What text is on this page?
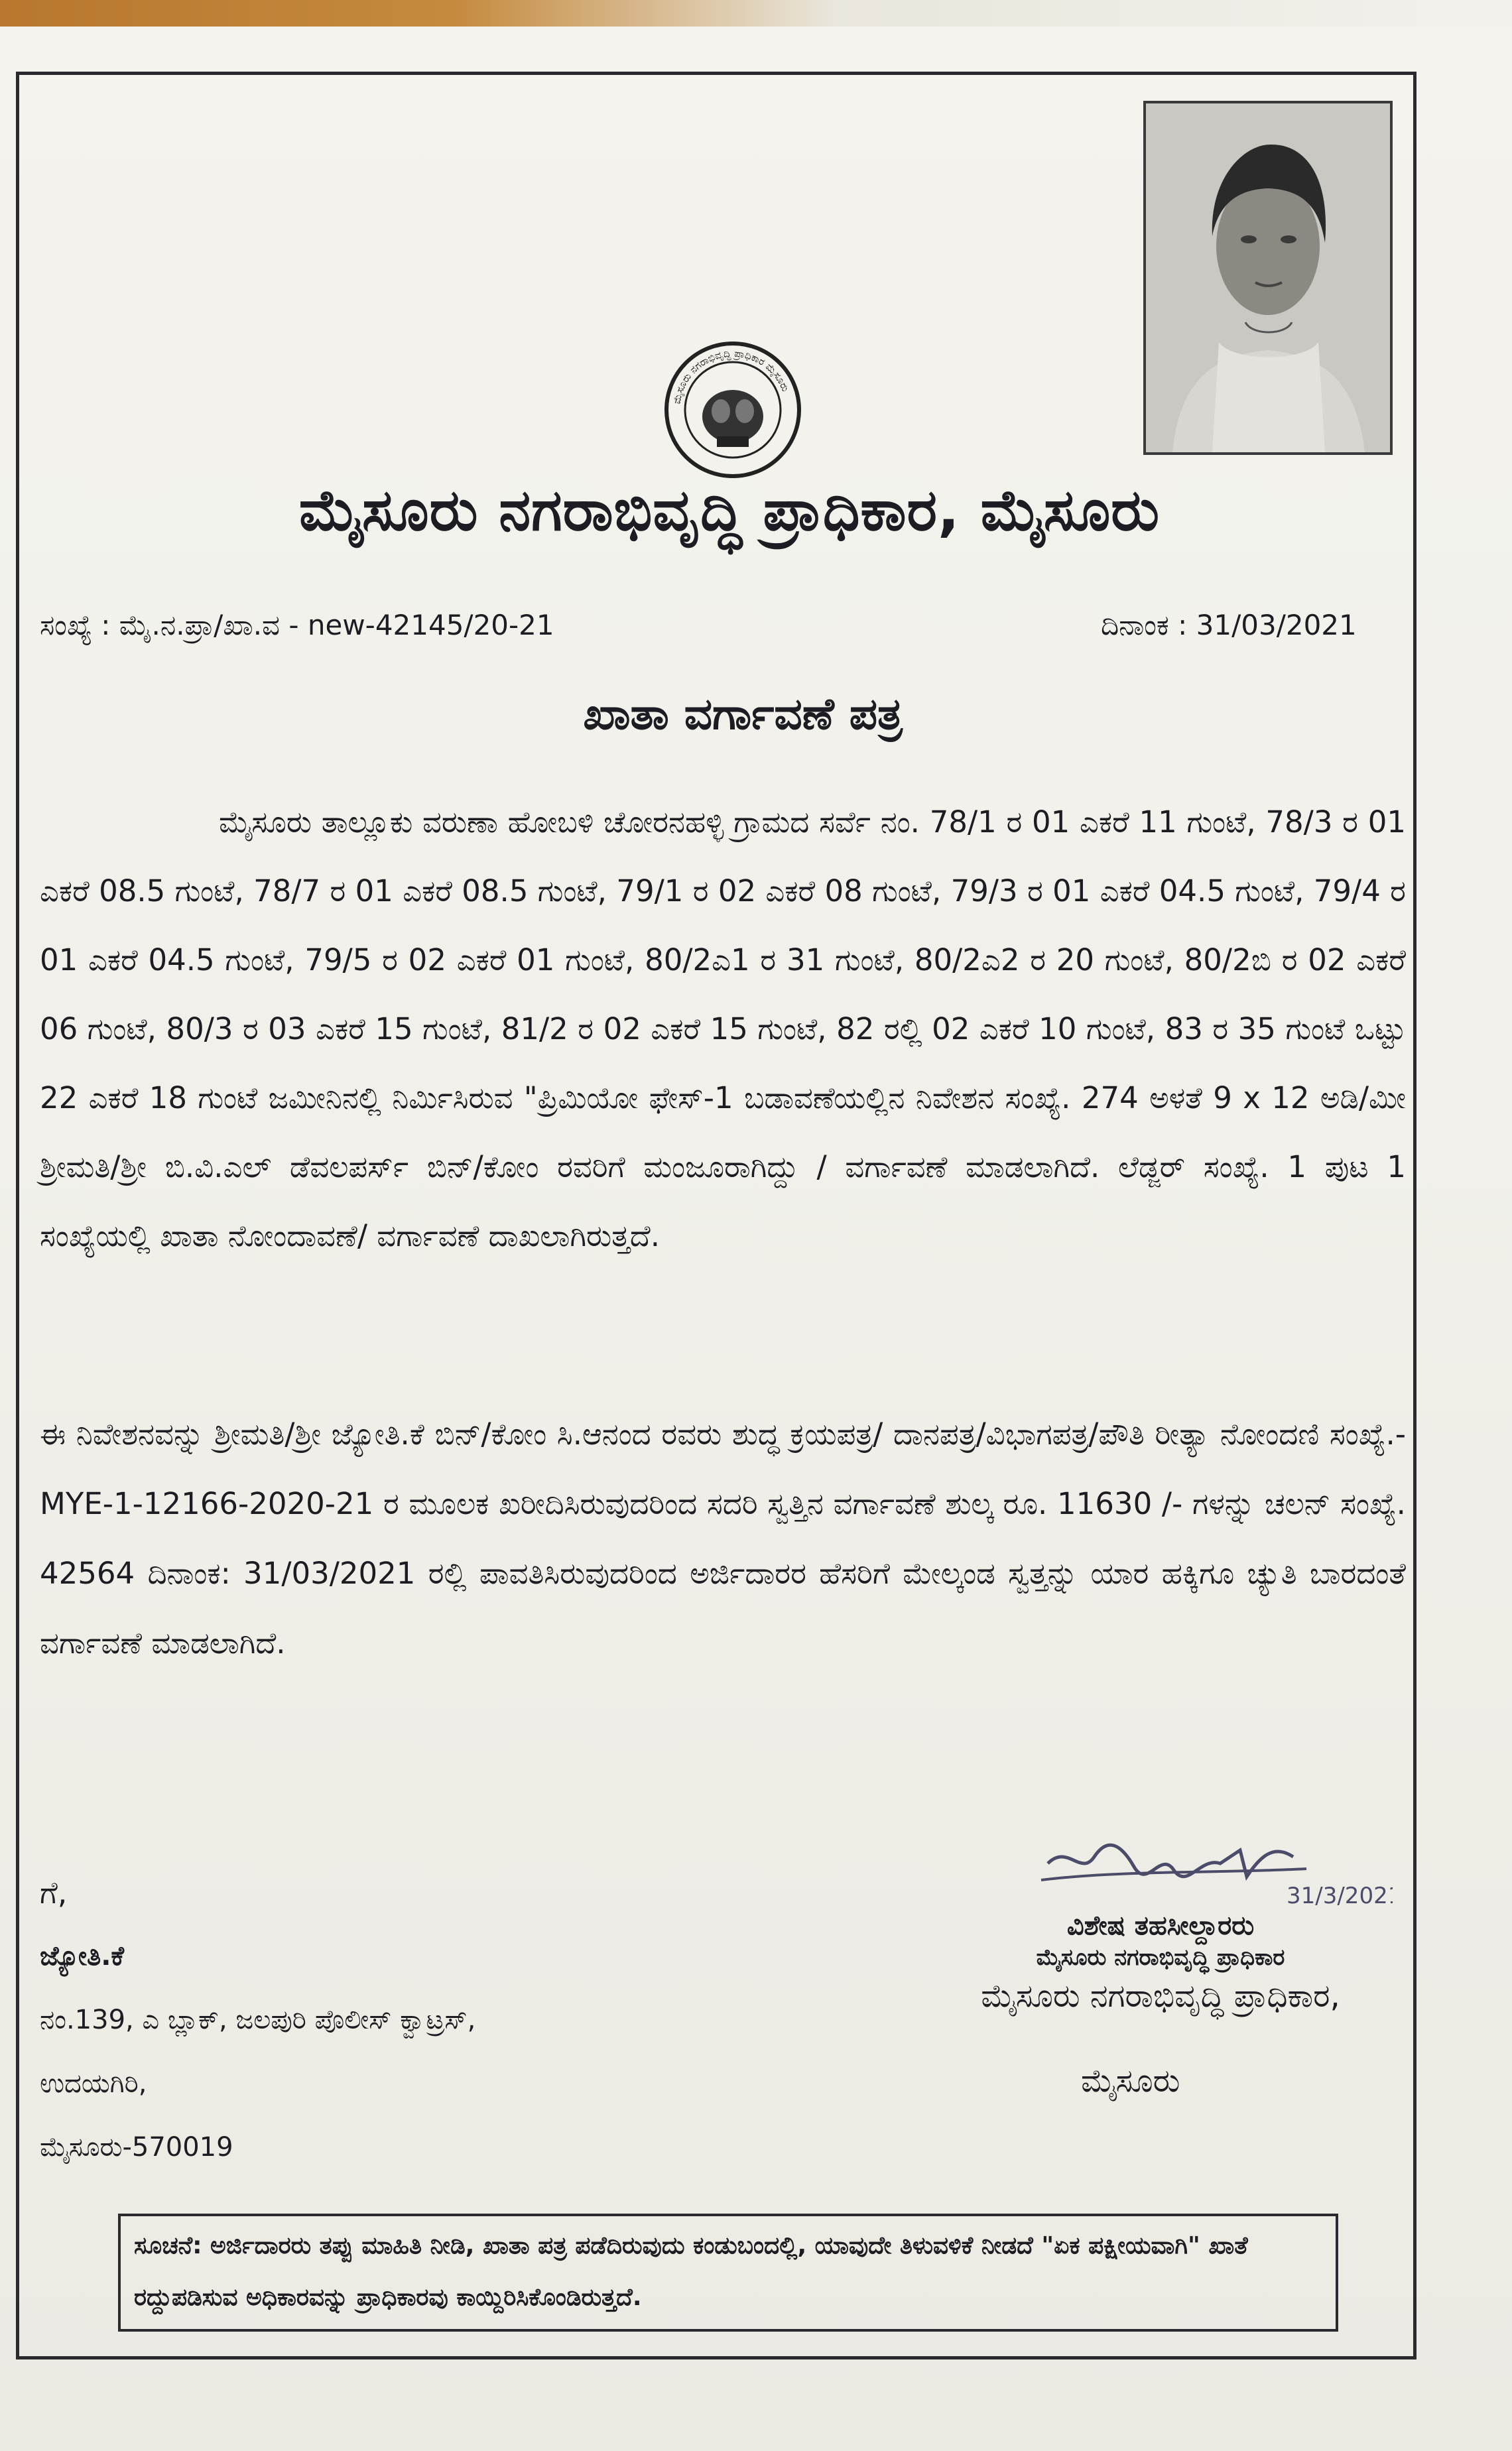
ಮೈಸೂರು ನಗರಾಭಿವೃದ್ಧಿ ಪ್ರಾಧಿಕಾರ ಮೈಸೂರು
ಮೈಸೂರು ನಗರಾಭಿವೃದ್ಧಿ ಪ್ರಾಧಿಕಾರ, ಮೈಸೂರು
ಸಂಖ್ಯೆ : ಮೈ.ನ.ಪ್ರಾ/ಖಾ.ವ - new-42145/20-21	ದಿನಾಂಕ : 31/03/2021
ಖಾತಾ ವರ್ಗಾವಣೆ ಪತ್ರ
ಮೈಸೂರು ತಾಲ್ಲೂಕು ವರುಣಾ ಹೋಬಳಿ ಚೋರನಹಳ್ಳಿ ಗ್ರಾಮದ ಸರ್ವೆ ನಂ. 78/1 ರ 01 ಎಕರೆ 11 ಗುಂಟೆ, 78/3 ರ 01 ಎಕರೆ 08.5 ಗುಂಟೆ, 78/7 ರ 01 ಎಕರೆ 08.5 ಗುಂಟೆ, 79/1 ರ 02 ಎಕರೆ 08 ಗುಂಟೆ, 79/3 ರ 01 ಎಕರೆ 04.5 ಗುಂಟೆ, 79/4 ರ 01 ಎಕರೆ 04.5 ಗುಂಟೆ, 79/5 ರ 02 ಎಕರೆ 01 ಗುಂಟೆ, 80/2ಎ1 ರ 31 ಗುಂಟೆ, 80/2ಎ2 ರ 20 ಗುಂಟೆ, 80/2ಬಿ ರ 02 ಎಕರೆ 06 ಗುಂಟೆ, 80/3 ರ 03 ಎಕರೆ 15 ಗುಂಟೆ, 81/2 ರ 02 ಎಕರೆ 15 ಗುಂಟೆ, 82 ರಲ್ಲಿ 02 ಎಕರೆ 10 ಗುಂಟೆ, 83 ರ 35 ಗುಂಟೆ ಒಟ್ಟು 22 ಎಕರೆ 18 ಗುಂಟೆ ಜಮೀನಿನಲ್ಲಿ ನಿರ್ಮಿಸಿರುವ "ಪ್ರಿಮಿಯೋ ಫೇಸ್-1 ಬಡಾವಣೆಯಲ್ಲಿನ ನಿವೇಶನ ಸಂಖ್ಯೆ. 274 ಅಳತೆ 9 x 12 ಅಡಿ/ಮೀ ಶ್ರೀಮತಿ/ಶ್ರೀ ಬಿ.ವಿ.ಎಲ್ ಡೆವಲಪರ್ಸ್ ಬಿನ್/ಕೋಂ ರವರಿಗೆ ಮಂಜೂರಾಗಿದ್ದು / ವರ್ಗಾವಣೆ ಮಾಡಲಾಗಿದೆ. ಲೆಡ್ಜರ್ ಸಂಖ್ಯೆ. 1 ಪುಟ 1 ಸಂಖ್ಯೆಯಲ್ಲಿ ಖಾತಾ ನೋಂದಾವಣೆ/ ವರ್ಗಾವಣೆ ದಾಖಲಾಗಿರುತ್ತದೆ.
ಈ ನಿವೇಶನವನ್ನು ಶ್ರೀಮತಿ/ಶ್ರೀ ಜ್ಯೋತಿ.ಕೆ ಬಿನ್/ಕೋಂ ಸಿ.ಆನಂದ ರವರು ಶುದ್ಧ ಕ್ರಯಪತ್ರ/ ದಾನಪತ್ರ/ವಿಭಾಗಪತ್ರ/ಪೌತಿ ರೀತ್ಯಾ ನೋಂದಣಿ ಸಂಖ್ಯೆ.- MYE-1-12166-2020-21 ರ ಮೂಲಕ ಖರೀದಿಸಿರುವುದರಿಂದ ಸದರಿ ಸ್ವತ್ತಿನ ವರ್ಗಾವಣೆ ಶುಲ್ಕ ರೂ. 11630 /- ಗಳನ್ನು ಚಲನ್ ಸಂಖ್ಯೆ. 42564 ದಿನಾಂಕ: 31/03/2021 ರಲ್ಲಿ ಪಾವತಿಸಿರುವುದರಿಂದ ಅರ್ಜಿದಾರರ ಹೆಸರಿಗೆ ಮೇಲ್ಕಂಡ ಸ್ವತ್ತನ್ನು ಯಾರ ಹಕ್ಕಿಗೂ ಚ್ಯುತಿ ಬಾರದಂತೆ ವರ್ಗಾವಣೆ ಮಾಡಲಾಗಿದೆ.
ಗೆ,
ಜ್ಯೋತಿ.ಕೆ
ನಂ.139, ಎ ಬ್ಲಾಕ್, ಜಲಪುರಿ ಪೊಲೀಸ್ ಕ್ವಾಟ್ರಸ್,
ಉದಯಗಿರಿ,
ಮೈಸೂರು-570019
31/3/2021
ವಿಶೇಷ ತಹಸೀಲ್ದಾರರು
ಮೈಸೂರು ನಗರಾಭಿವೃದ್ಧಿ ಪ್ರಾಧಿಕಾರ
ಮೈಸೂರು ನಗರಾಭಿವೃದ್ಧಿ ಪ್ರಾಧಿಕಾರ,
ಮೈಸೂರು
ಸೂಚನೆ: ಅರ್ಜಿದಾರರು ತಪ್ಪು ಮಾಹಿತಿ ನೀಡಿ, ಖಾತಾ ಪತ್ರ ಪಡೆದಿರುವುದು ಕಂಡುಬಂದಲ್ಲಿ, ಯಾವುದೇ ತಿಳುವಳಿಕೆ ನೀಡದೆ "ಏಕ ಪಕ್ಷೀಯವಾಗಿ" ಖಾತೆ ರದ್ದುಪಡಿಸುವ ಅಧಿಕಾರವನ್ನು ಪ್ರಾಧಿಕಾರವು ಕಾಯ್ದಿರಿಸಿಕೊಂಡಿರುತ್ತದೆ.
